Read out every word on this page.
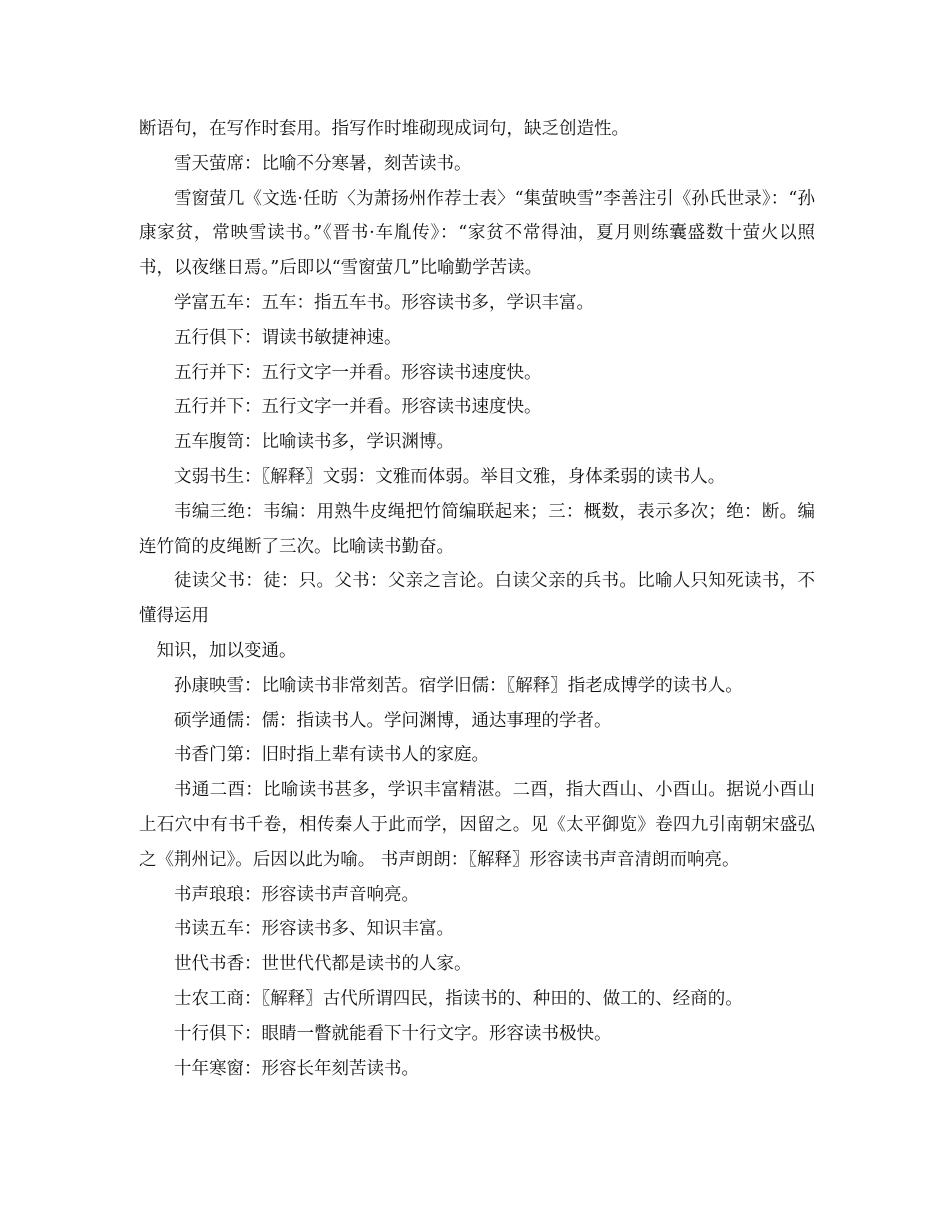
断语句，在写作时套用。指写作时堆砌现成词句，缺乏创造性。

雪天萤席：比喻不分寒暑，刻苦读书。

雪窗萤几《文选·任昉〈为萧扬州作荐士表〉“集萤映雪”李善注引《孙氏世录》：“孙康家贫，常映雪读书。”《晋书·车胤传》：“家贫不常得油，夏月则练囊盛数十萤火以照书，以夜继日焉。”后即以“雪窗萤几”比喻勤学苦读。

学富五车：五车：指五车书。形容读书多，学识丰富。

五行俱下：谓读书敏捷神速。

五行并下：五行文字一并看。形容读书速度快。

五行并下：五行文字一并看。形容读书速度快。

五车腹笥：比喻读书多，学识渊博。

文弱书生：〖解释〗文弱：文雅而体弱。举目文雅，身体柔弱的读书人。

韦编三绝：韦编：用熟牛皮绳把竹简编联起来；三：概数，表示多次；绝：断。编连竹简的皮绳断了三次。比喻读书勤奋。

徒读父书：徒：只。父书：父亲之言论。白读父亲的兵书。比喻人只知死读书，不懂得运用

知识，加以变通。

孙康映雪：比喻读书非常刻苦。宿学旧儒：〖解释〗指老成博学的读书人。

硕学通儒：儒：指读书人。学问渊博，通达事理的学者。

书香门第：旧时指上辈有读书人的家庭。

书通二酉：比喻读书甚多，学识丰富精湛。二酉，指大酉山、小酉山。据说小酉山上石穴中有书千卷，相传秦人于此而学，因留之。见《太平御览》卷四九引南朝宋盛弘之《荆州记》。后因以此为喻。 书声朗朗：〖解释〗形容读书声音清朗而响亮。

书声琅琅：形容读书声音响亮。

书读五车：形容读书多、知识丰富。

世代书香：世世代代都是读书的人家。

士农工商：〖解释〗古代所谓四民，指读书的、种田的、做工的、经商的。

十行俱下：眼睛一瞥就能看下十行文字。形容读书极快。

十年寒窗：形容长年刻苦读书。
